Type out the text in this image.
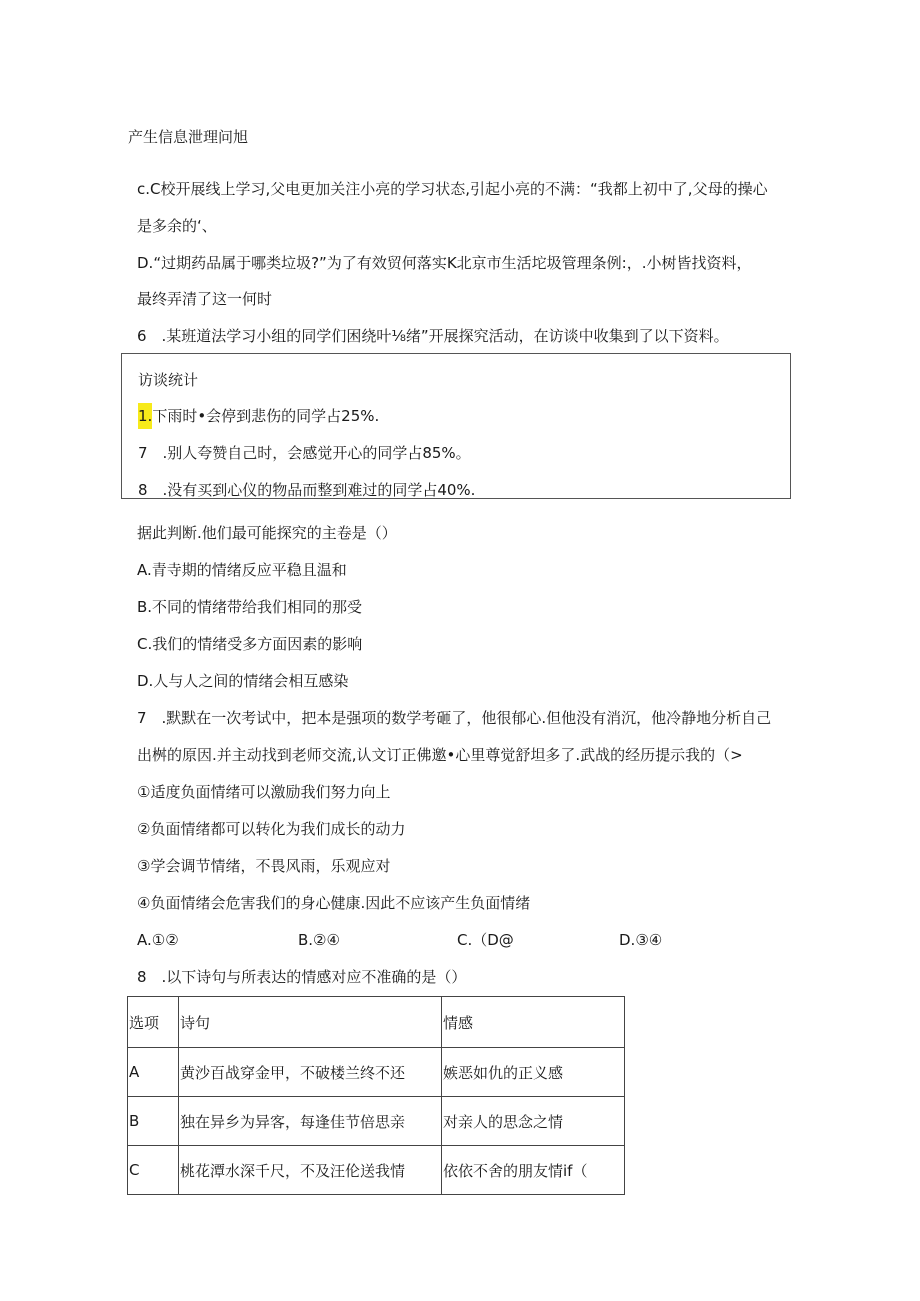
产生信息泄理问旭
c.C校开展线上学习,父电更加关注小亮的学习状态,引起小亮的不满：“我都上初中了,父母的操心
是多余的‘、
D.“过期药品属于哪类垃圾?”为了有效贸何落实K北京市生活坨圾管理条例:，.小树皆找资料，
最终弄清了这一何时
6　.某班道法学习小组的同学们困绕叶⅛绪”开展探究活动，在访谈中收集到了以下资料。
访谈统计
1.下雨时•会停到悲伤的同学占25%.
7　.别人夸赞自己时，会感觉开心的同学占85%。
8　.没有买到心仪的物品而整到难过的同学占40%.
据此判断.他们最可能探究的主卷是（）
A.青寺期的情绪反应平稳且温和
B.不同的情绪带给我们相同的那受
C.我们的情绪受多方面因素的影响
D.人与人之间的情绪会相互感染
7　.默默在一次考试中，把本是强项的数学考砸了，他很郁心.但他没有消沉，他冷静地分析自己
出桝的原因.并主动找到老师交流,认文订正佛邀•心里尊觉舒坦多了.武战的经历提示我的（>
①适度负面情绪可以激励我们努力向上
②负面情绪都可以转化为我们成长的动力
③学会调节情绪，不畏风雨，乐观应对
④负面情绪会危害我们的身心健康.因此不应该产生负面情绪
A.①②	B.②④	C.（D@	D.③④
8　.以下诗句与所表达的情感对应不准确的是（）
选项	诗句	情感
A	黄沙百战穿金甲，不破楼兰终不还	嫉恶如仇的正义感
B	独在异乡为异客，每逢佳节倍思亲	对亲人的思念之情
C	桃花潭水深千尺，不及汪伦送我情	依依不舍的朋友情if（
